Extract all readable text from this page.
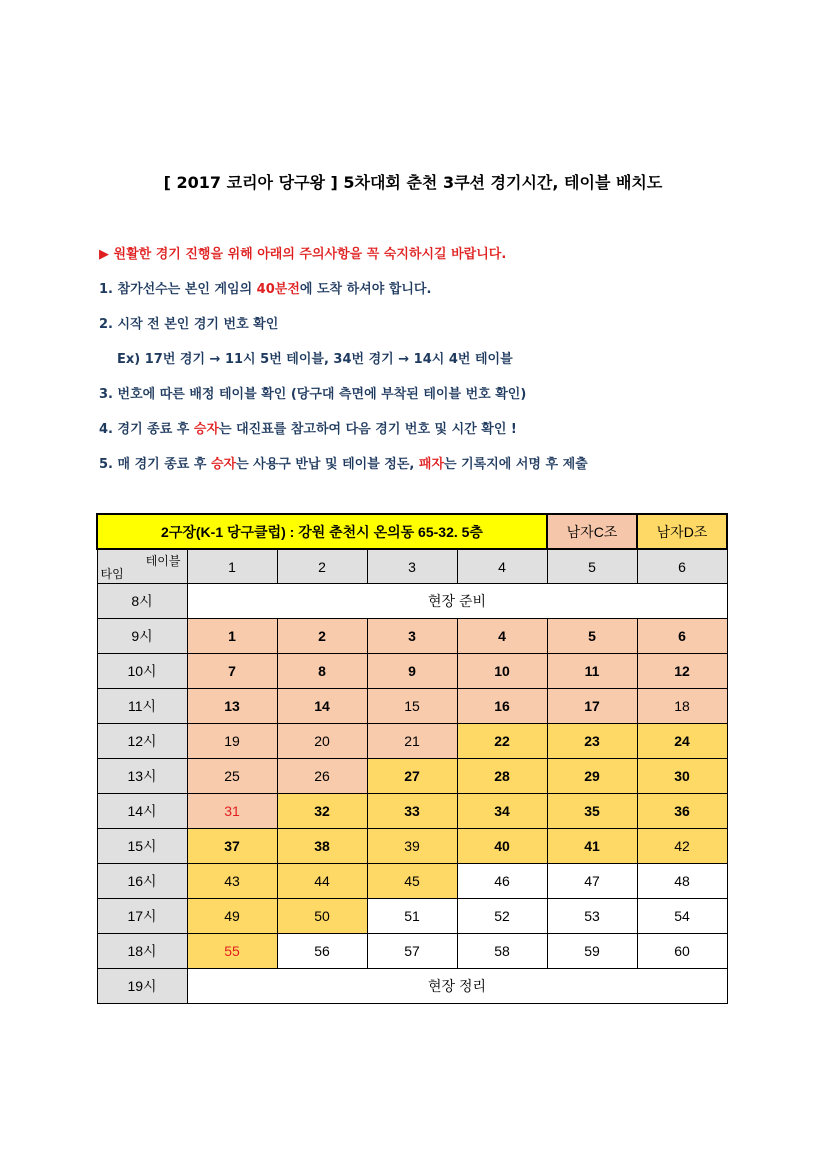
[ 2017 코리아 당구왕 ] 5차대회 춘천 3쿠션 경기시간, 테이블 배치도
▶ 원활한 경기 진행을 위해 아래의 주의사항을 꼭 숙지하시길 바랍니다.
1. 참가선수는 본인 게임의 40분전에 도착 하셔야 합니다.
2. 시작 전 본인 경기 번호 확인
Ex) 17번 경기 → 11시 5번 테이블, 34번 경기 → 14시 4번 테이블
3. 번호에 따른 배정 테이블 확인 (당구대 측면에 부착된 테이블 번호 확인)
4. 경기 종료 후 승자는 대진표를 참고하여 다음 경기 번호 및 시간 확인 !
5. 매 경기 종료 후 승자는 사용구 반납 및 테이블 정돈, 패자는 기록지에 서명 후 제출
2구장(K-1 당구클럽) : 강원 춘천시 온의동 65-32. 5층					남자C조	남자D조

테이블
타임	1	2	3	4	5	6
8시	현장 준비					
9시	1	2	3	4	5	6
10시	7	8	9	10	11	12
11시	13	14	15	16	17	18
12시	19	20	21	22	23	24
13시	25	26	27	28	29	30
14시	31	32	33	34	35	36
15시	37	38	39	40	41	42
16시	43	44	45	46	47	48
17시	49	50	51	52	53	54
18시	55	56	57	58	59	60
19시	현장 정리					
